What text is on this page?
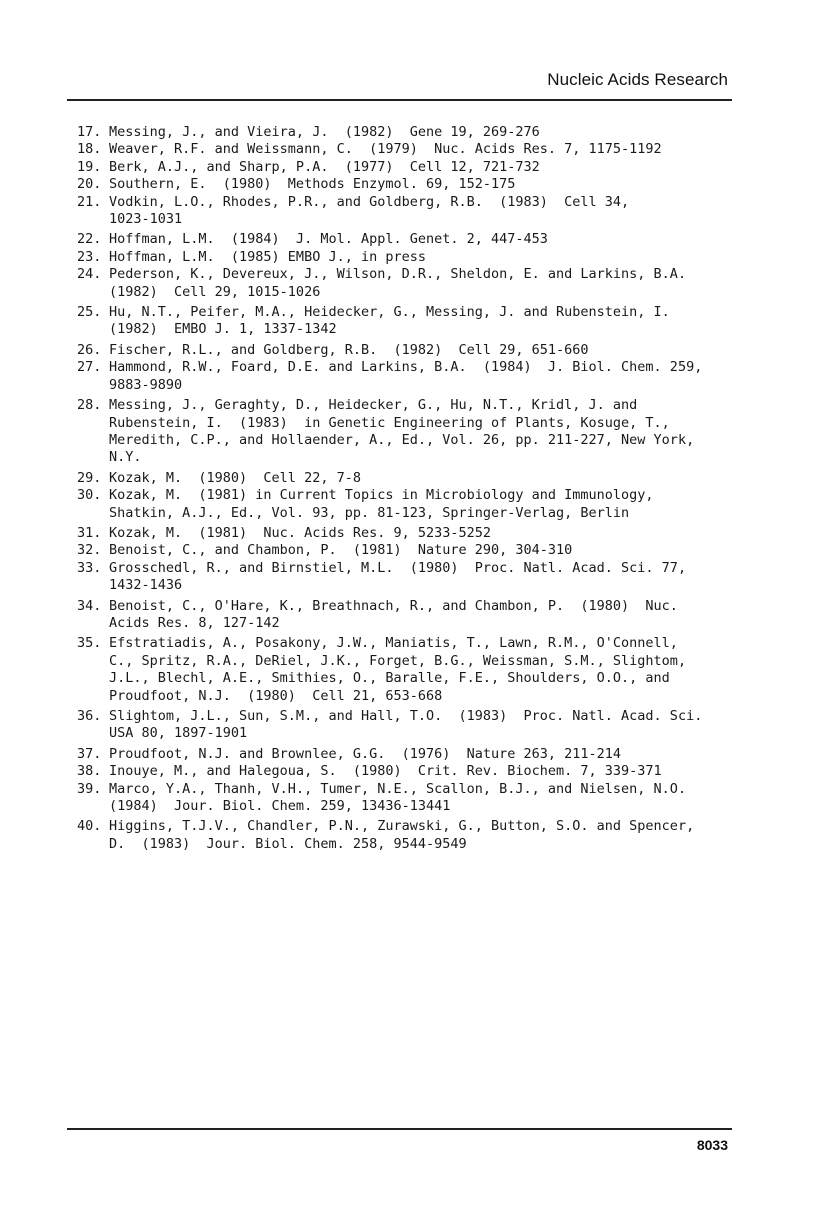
Nucleic Acids Research
17. Messing, J., and Vieira, J.  (1982)  Gene 19, 269-276
18. Weaver, R.F. and Weissmann, C.  (1979)  Nuc. Acids Res. 7, 1175-1192
19. Berk, A.J., and Sharp, P.A.  (1977)  Cell 12, 721-732
20. Southern, E.  (1980)  Methods Enzymol. 69, 152-175
21. Vodkin, L.O., Rhodes, P.R., and Goldberg, R.B.  (1983)  Cell 34,
1023-1031
22. Hoffman, L.M.  (1984)  J. Mol. Appl. Genet. 2, 447-453
23. Hoffman, L.M.  (1985) EMBO J., in press
24. Pederson, K., Devereux, J., Wilson, D.R., Sheldon, E. and Larkins, B.A.
(1982)  Cell 29, 1015-1026
25. Hu, N.T., Peifer, M.A., Heidecker, G., Messing, J. and Rubenstein, I.
(1982)  EMBO J. 1, 1337-1342
26. Fischer, R.L., and Goldberg, R.B.  (1982)  Cell 29, 651-660
27. Hammond, R.W., Foard, D.E. and Larkins, B.A.  (1984)  J. Biol. Chem. 259,
9883-9890
28. Messing, J., Geraghty, D., Heidecker, G., Hu, N.T., Kridl, J. and
Rubenstein, I.  (1983)  in Genetic Engineering of Plants, Kosuge, T.,
Meredith, C.P., and Hollaender, A., Ed., Vol. 26, pp. 211-227, New York,
N.Y.
29. Kozak, M.  (1980)  Cell 22, 7-8
30. Kozak, M.  (1981) in Current Topics in Microbiology and Immunology,
Shatkin, A.J., Ed., Vol. 93, pp. 81-123, Springer-Verlag, Berlin
31. Kozak, M.  (1981)  Nuc. Acids Res. 9, 5233-5252
32. Benoist, C., and Chambon, P.  (1981)  Nature 290, 304-310
33. Grosschedl, R., and Birnstiel, M.L.  (1980)  Proc. Natl. Acad. Sci. 77,
1432-1436
34. Benoist, C., O'Hare, K., Breathnach, R., and Chambon, P.  (1980)  Nuc.
Acids Res. 8, 127-142
35. Efstratiadis, A., Posakony, J.W., Maniatis, T., Lawn, R.M., O'Connell,
C., Spritz, R.A., DeRiel, J.K., Forget, B.G., Weissman, S.M., Slightom,
J.L., Blechl, A.E., Smithies, O., Baralle, F.E., Shoulders, O.O., and
Proudfoot, N.J.  (1980)  Cell 21, 653-668
36. Slightom, J.L., Sun, S.M., and Hall, T.O.  (1983)  Proc. Natl. Acad. Sci.
USA 80, 1897-1901
37. Proudfoot, N.J. and Brownlee, G.G.  (1976)  Nature 263, 211-214
38. Inouye, M., and Halegoua, S.  (1980)  Crit. Rev. Biochem. 7, 339-371
39. Marco, Y.A., Thanh, V.H., Tumer, N.E., Scallon, B.J., and Nielsen, N.O.
(1984)  Jour. Biol. Chem. 259, 13436-13441
40. Higgins, T.J.V., Chandler, P.N., Zurawski, G., Button, S.O. and Spencer,
D.  (1983)  Jour. Biol. Chem. 258, 9544-9549
8033
